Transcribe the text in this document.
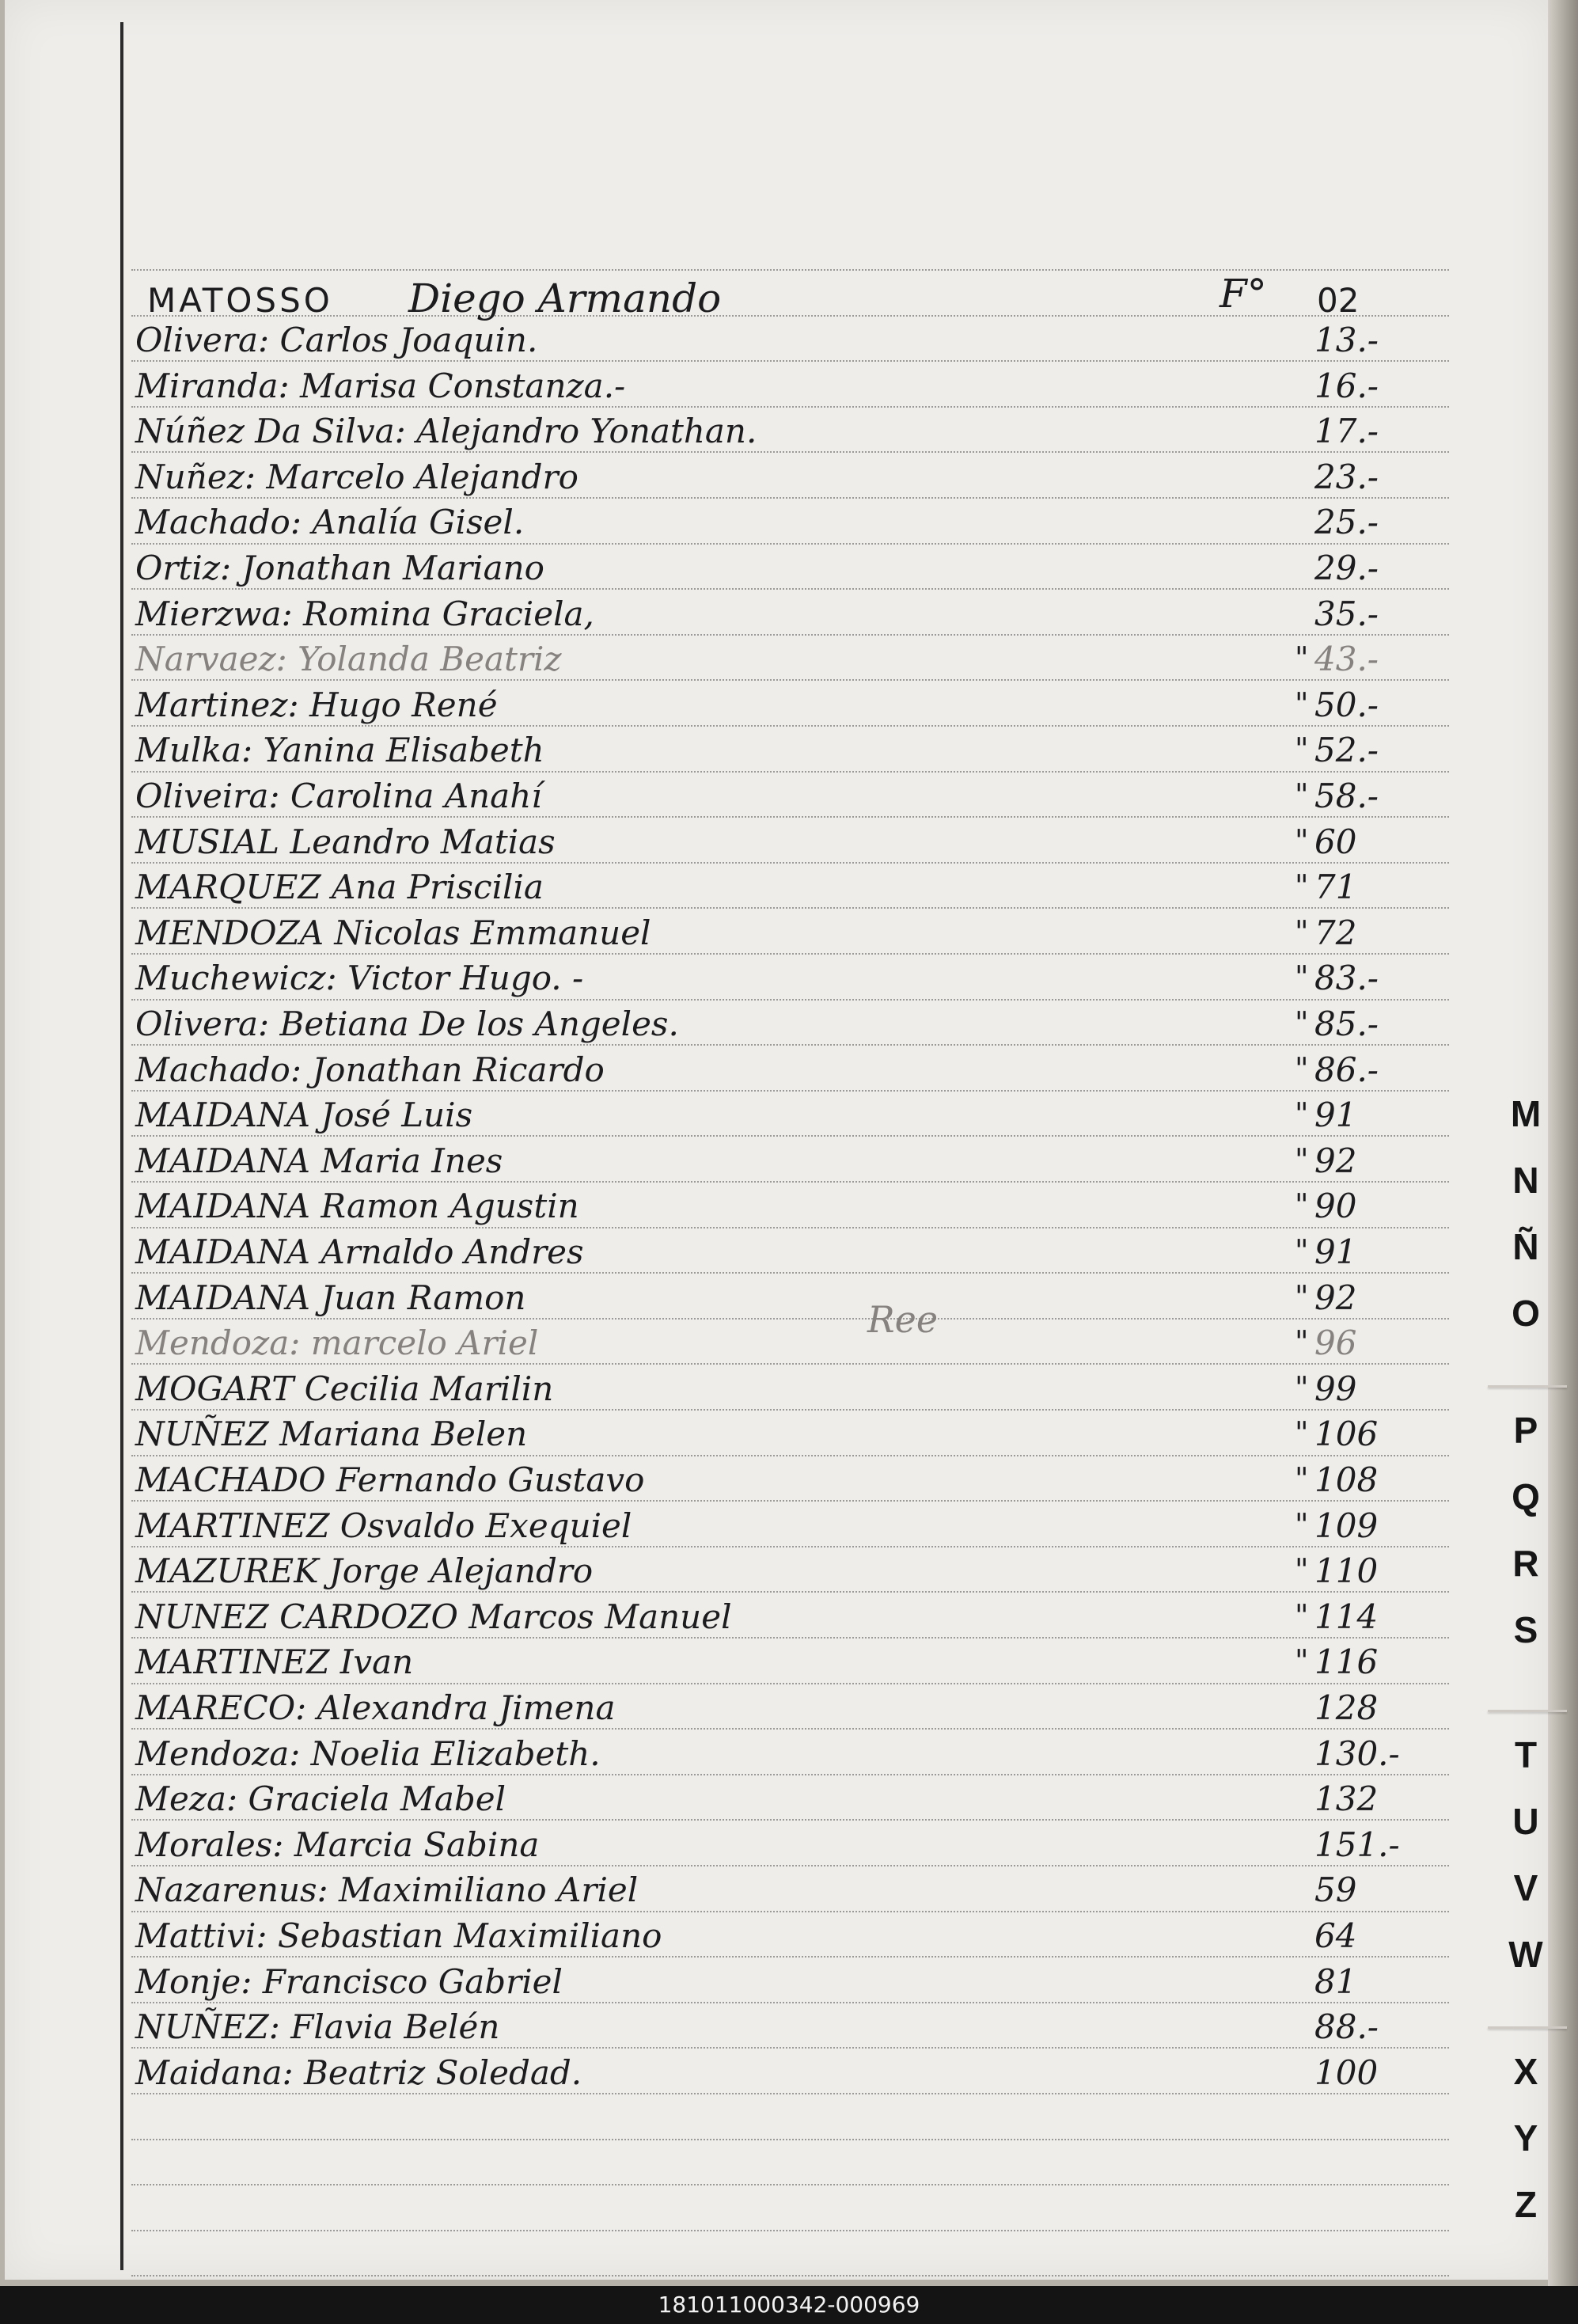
MATOSSO Diego Armando	F° 02
Olivera: Carlos Joaquin.	13.-
Miranda: Marisa Constanza.-	16.-
Núñez Da Silva: Alejandro Yonathan.	17.-
Nuñez: Marcelo Alejandro	23.-
Machado: Analía Gisel.	25.-
Ortiz: Jonathan Mariano	29.-
Mierzwa: Romina Graciela,	35.-
Narvaez: Yolanda Beatriz	" 43.-
Martinez: Hugo René	" 50.-
Mulka: Yanina Elisabeth	" 52.-
Oliveira: Carolina Anahí	" 58.-
MUSIAL Leandro Matias	" 60
MARQUEZ Ana Priscilia	" 71
MENDOZA Nicolas Emmanuel	" 72
Muchewicz: Victor Hugo. -	" 83.-
Olivera: Betiana De los Angeles.	" 85.-
Machado: Jonathan Ricardo	" 86.-
MAIDANA José Luis	" 91
MAIDANA Maria Ines	" 92
MAIDANA Ramon Agustin	" 90
MAIDANA Arnaldo Andres	" 91
MAIDANA Juan Ramon	" 92
Mendoza: marcelo Ariel	" 96
MOGART Cecilia Marilin	" 99
NUÑEZ Mariana Belen	" 106
MACHADO Fernando Gustavo	" 108
MARTINEZ Osvaldo Exequiel	" 109
MAZUREK Jorge Alejandro	" 110
NUNEZ CARDOZO Marcos Manuel	" 114
MARTINEZ Ivan	" 116
MARECO: Alexandra Jimena	128
Mendoza: Noelia Elizabeth.	130.-
Meza: Graciela Mabel	132
Morales: Marcia Sabina	151.-
Nazarenus: Maximiliano Ariel	59
Mattivi: Sebastian Maximiliano	64
Monje: Francisco Gabriel	81
NUÑEZ: Flavia Belén	88.-
Maidana: Beatriz Soledad.	100
Ree
M
N
Ñ
O
P
Q
R
S
T
U
V
W
X
Y
Z
181011000342-000969
